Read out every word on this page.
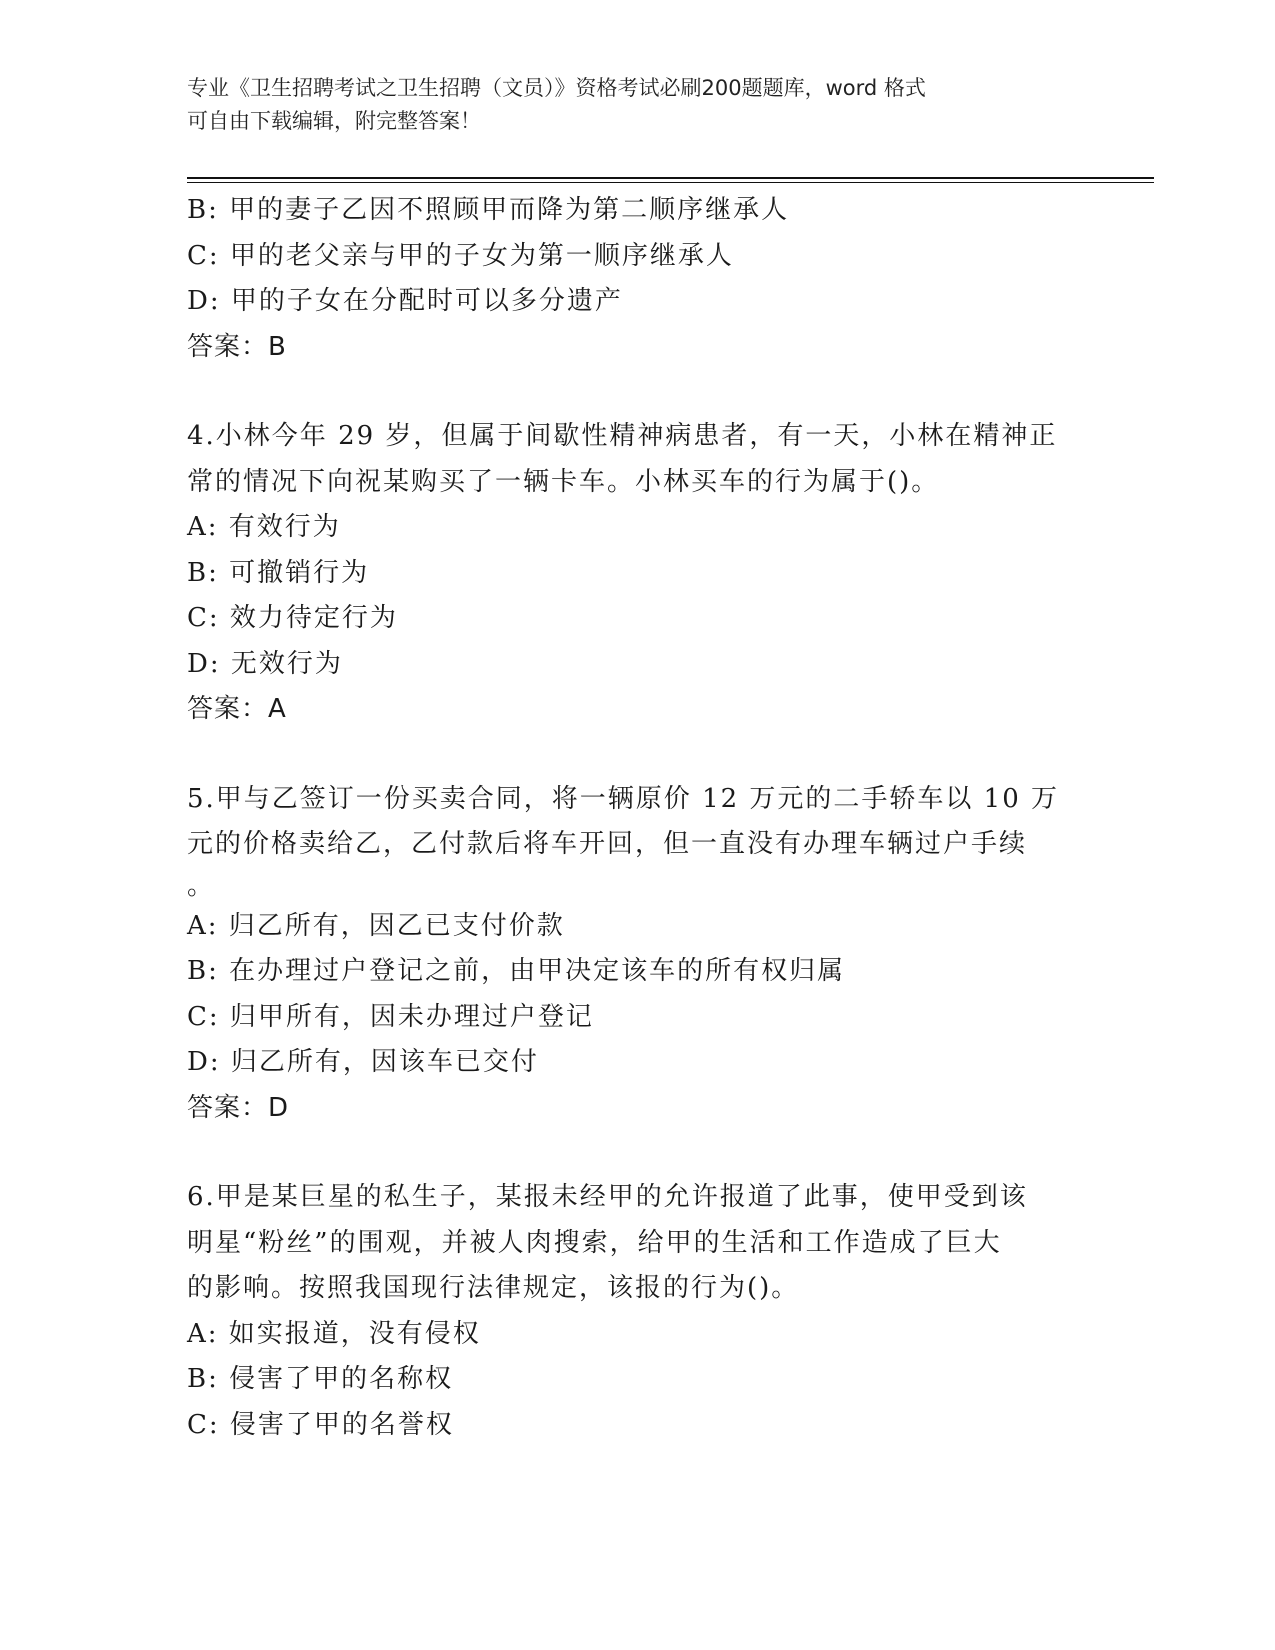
专业《卫生招聘考试之卫生招聘（文员）》资格考试必刷200题题库，word 格式
可自由下载编辑，附完整答案！
B: 甲的妻子乙因不照顾甲而降为第二顺序继承人
C: 甲的老父亲与甲的子女为第一顺序继承人
D: 甲的子女在分配时可以多分遗产
答案：B
4.小林今年 29 岁，但属于间歇性精神病患者，有一天，小林在精神正
常的情况下向祝某购买了一辆卡车。小林买车的行为属于()。
A: 有效行为
B: 可撤销行为
C: 效力待定行为
D: 无效行为
答案：A
5.甲与乙签订一份买卖合同，将一辆原价 12 万元的二手轿车以 10 万
元的价格卖给乙，乙付款后将车开回，但一直没有办理车辆过户手续
。
A: 归乙所有，因乙已支付价款
B: 在办理过户登记之前，由甲决定该车的所有权归属
C: 归甲所有，因未办理过户登记
D: 归乙所有，因该车已交付
答案：D
6.甲是某巨星的私生子，某报未经甲的允许报道了此事，使甲受到该
明星“粉丝”的围观，并被人肉搜索，给甲的生活和工作造成了巨大
的影响。按照我国现行法律规定，该报的行为()。
A: 如实报道，没有侵权
B: 侵害了甲的名称权
C: 侵害了甲的名誉权
